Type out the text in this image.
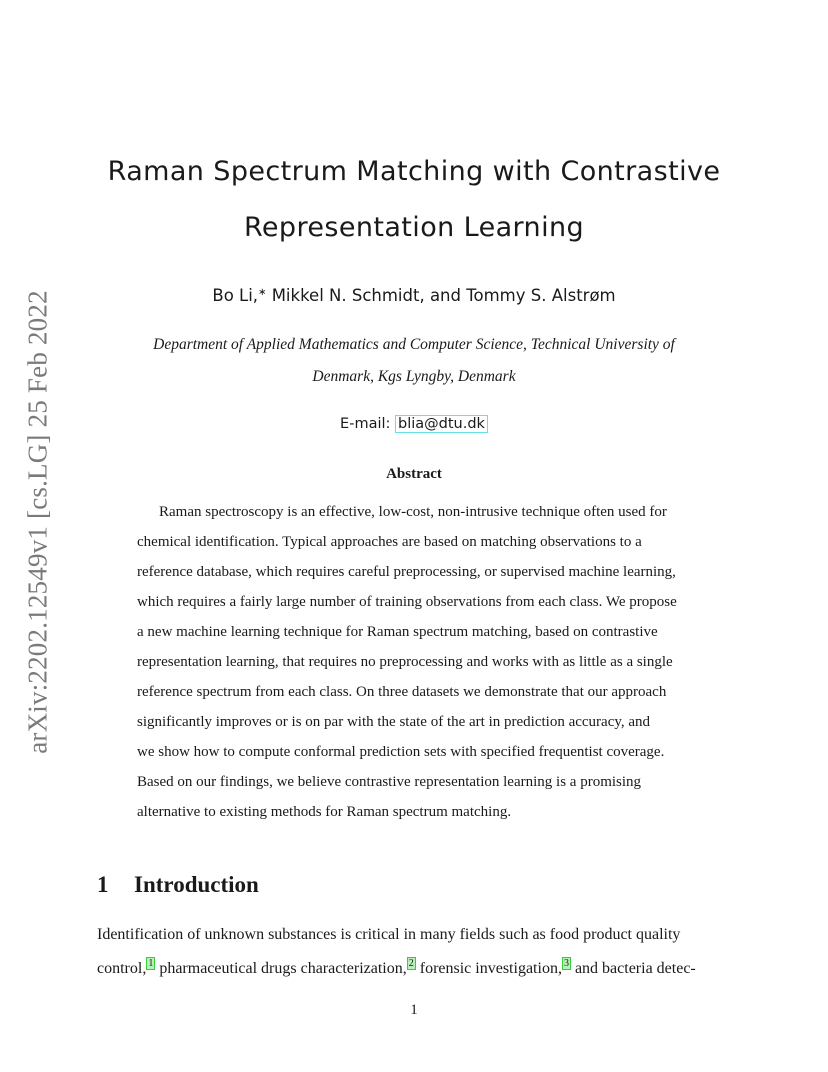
arXiv:2202.12549v1 [cs.LG] 25 Feb 2022
Raman Spectrum Matching with Contrastive
Representation Learning
Bo Li,∗ Mikkel N. Schmidt, and Tommy S. Alstrøm
Department of Applied Mathematics and Computer Science, Technical University of
Denmark, Kgs Lyngby, Denmark
E-mail: blia@dtu.dk
Abstract
Raman spectroscopy is an effective, low-cost, non-intrusive technique often used for
chemical identification. Typical approaches are based on matching observations to a
reference database, which requires careful preprocessing, or supervised machine learning,
which requires a fairly large number of training observations from each class. We propose
a new machine learning technique for Raman spectrum matching, based on contrastive
representation learning, that requires no preprocessing and works with as little as a single
reference spectrum from each class. On three datasets we demonstrate that our approach
significantly improves or is on par with the state of the art in prediction accuracy, and
we show how to compute conformal prediction sets with specified frequentist coverage.
Based on our findings, we believe contrastive representation learning is a promising
alternative to existing methods for Raman spectrum matching.
1 Introduction
Identification of unknown substances is critical in many fields such as food product quality
control, $^1$ pharmaceutical drugs characterization, $^2$ forensic investigation, $^3$ and bacteria detec-
1
